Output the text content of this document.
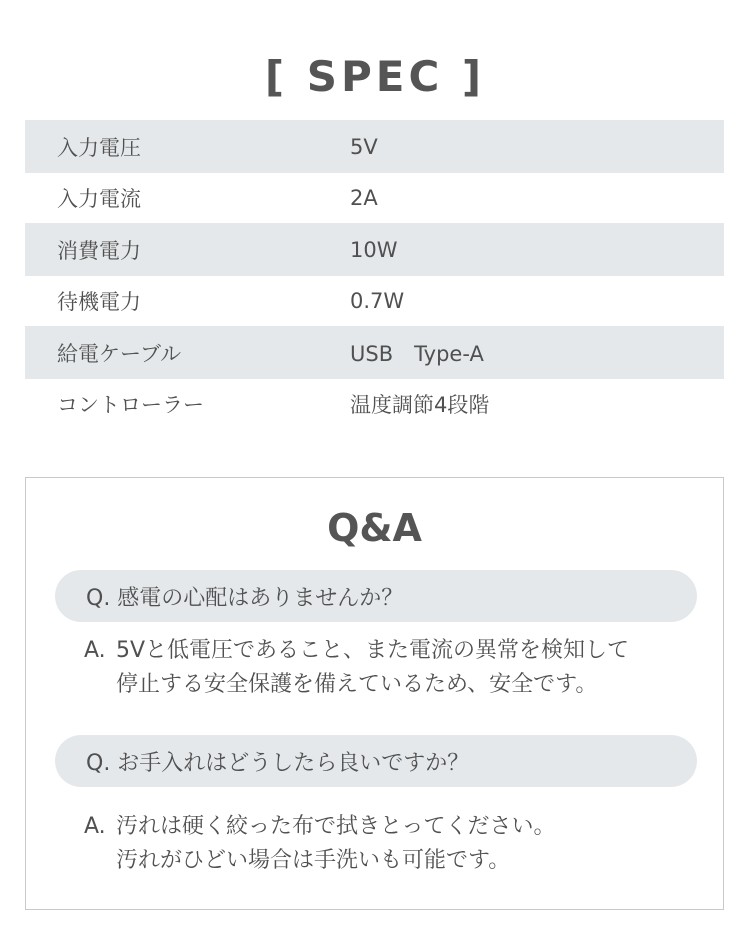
[ SPEC ]
入力電圧	5V
入力電流	2A
消費電力	10W
待機電力	0.7W
給電ケーブル	USB　Type-A
コントローラー	温度調節4段階
Q&A
Q. 感電の心配はありませんか？
A. 5Vと低電圧であること、また電流の異常を検知して
停止する安全保護を備えているため、安全です。
Q. お手入れはどうしたら良いですか？
A. 汚れは硬く絞った布で拭きとってください。
汚れがひどい場合は手洗いも可能です。
